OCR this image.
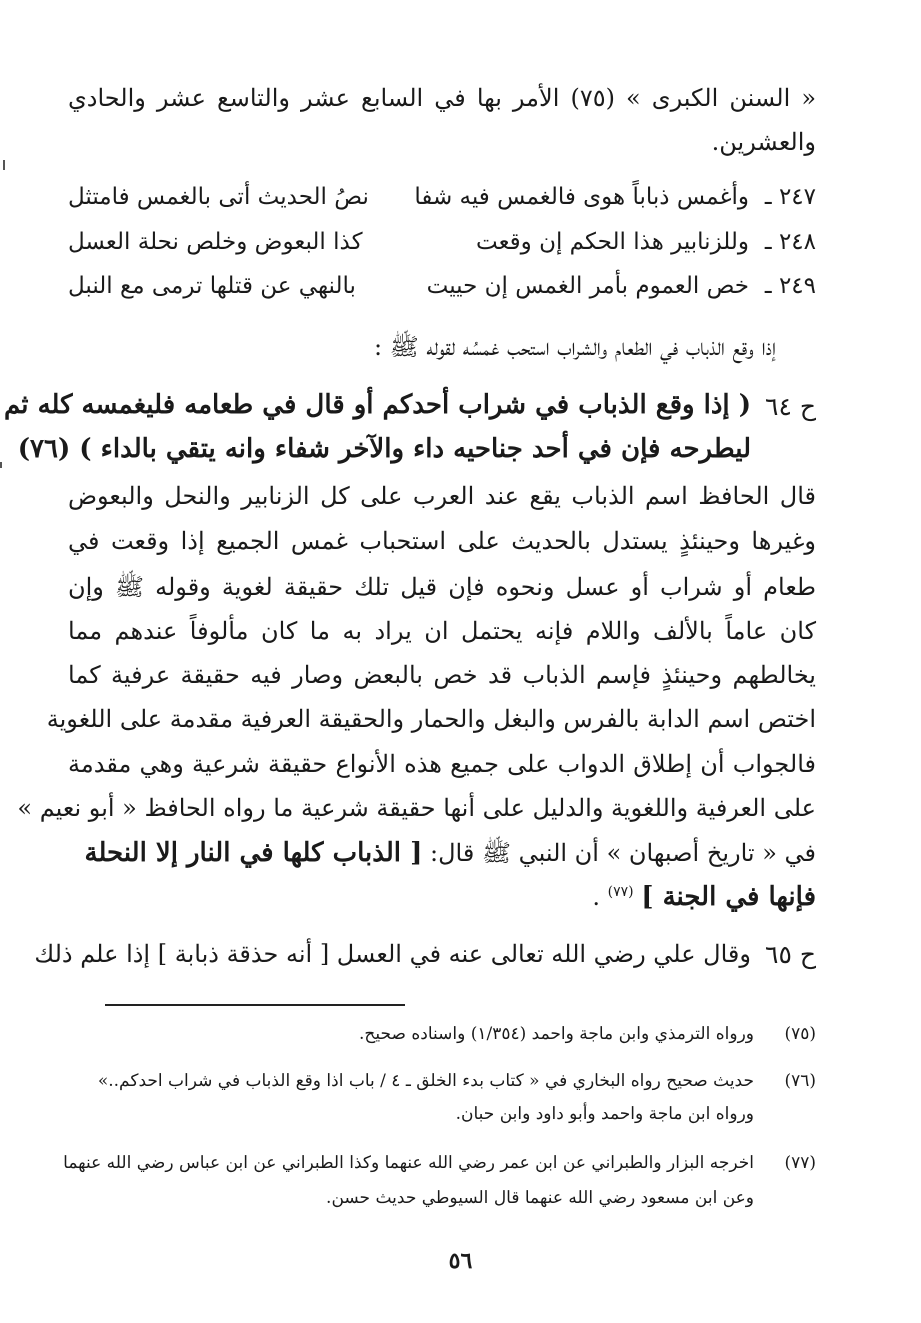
« السنن الكبرى » (٧٥) الأمر بها في السابع عشر والتاسع عشر والحادي
والعشرين.
٢٤٧ ـ
وأغمس ذباباً هوى فالغمس فيه شفا
نصُ الحديث أتى بالغمس فامتثل
٢٤٨ ـ
وللزنابير هذا الحكم إن وقعت
كذا البعوض وخلص نحلة العسل
٢٤٩ ـ
خص العموم بأمر الغمس إن حييت
بالنهي عن قتلها ترمى مع النبل
إذا وقع الذباب في الطعام والشراب استحب غمسُه لقوله ﷺ :
ح ٦٤
( إذا وقع الذباب في شراب أحدكم أو قال في طعامه فليغمسه كله ثم
ليطرحه فإن في أحد جناحيه داء والآخر شفاء وانه يتقي بالداء ) (٧٦)
قال الحافظ اسم الذباب يقع عند العرب على كل الزنابير والنحل والبعوض
وغيرها وحينئذٍ يستدل بالحديث على استحباب غمس الجميع إذا وقعت في
طعام أو شراب أو عسل ونحوه فإن قيل تلك حقيقة لغوية وقوله ﷺ وإن
كان عاماً بالألف واللام فإنه يحتمل ان يراد به ما كان مألوفاً عندهم مما
يخالطهم وحينئذٍ فإسم الذباب قد خص بالبعض وصار فيه حقيقة عرفية كما
اختص اسم الدابة بالفرس والبغل والحمار والحقيقة العرفية مقدمة على اللغوية
فالجواب أن إطلاق الدواب على جميع هذه الأنواع حقيقة شرعية وهي مقدمة
على العرفية واللغوية والدليل على أنها حقيقة شرعية ما رواه الحافظ « أبو نعيم »
في « تاريخ أصبهان » أن النبي ﷺ قال: [ الذباب كلها في النار إلا النحلة
فإنها في الجنة ] $^{(٧٧)}$ .
ح ٦٥
وقال علي رضي الله تعالى عنه في العسل [ أنه حذقة ذبابة ] إذا علم ذلك
(٧٥)ورواه الترمذي وابن ماجة واحمد (١/٣٥٤) واسناده صحيح.
(٧٦)حديث صحيح رواه البخاري في « كتاب بدء الخلق ـ ٤ / باب اذا وقع الذباب في شراب احدكم..»
ورواه ابن ماجة واحمد وأبو داود وابن حبان.
(٧٧)اخرجه البزار والطبراني عن ابن عمر رضي الله عنهما وكذا الطبراني عن ابن عباس رضي الله عنهما
وعن ابن مسعود رضي الله عنهما قال السيوطي حديث حسن.
٥٦
